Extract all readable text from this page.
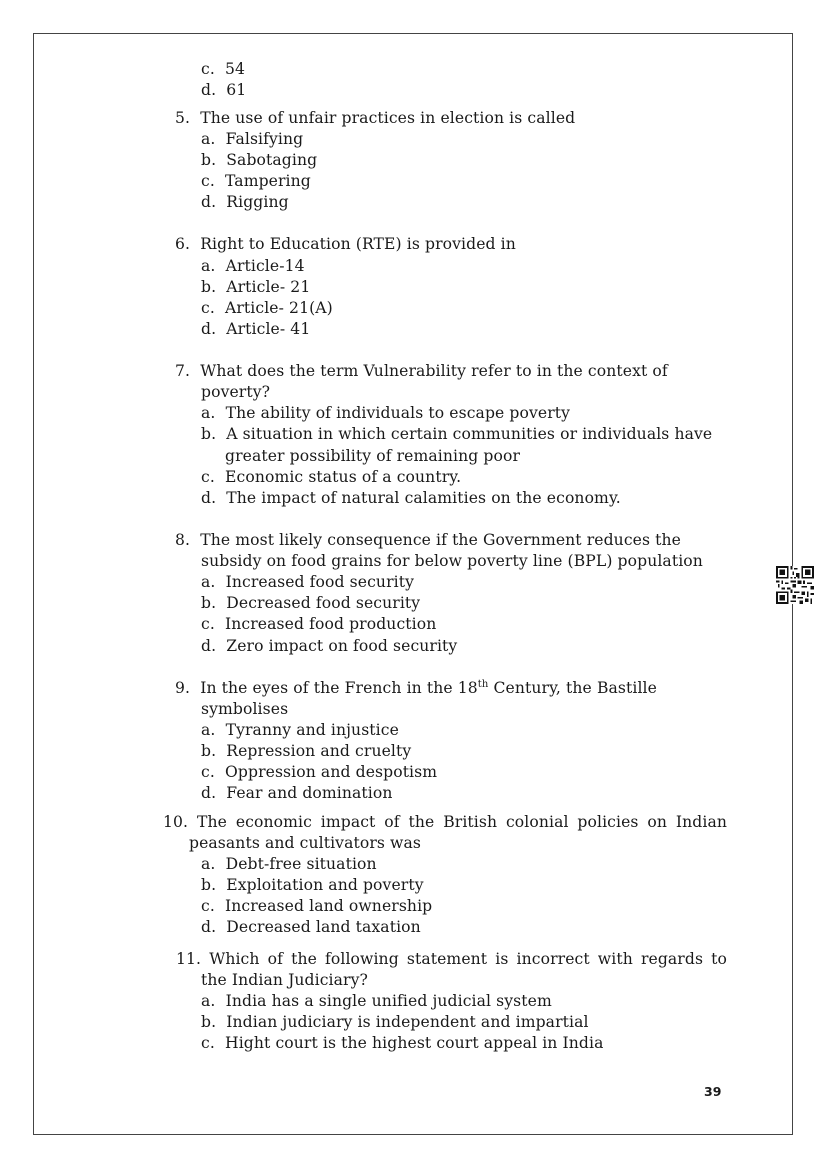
c. 54
d. 61
5. The use of unfair practices in election is called
a. Falsifying
b. Sabotaging
c. Tampering
d. Rigging
6. Right to Education (RTE) is provided in
a. Article-14
b. Article- 21
c. Article- 21(A)
d. Article- 41
7. What does the term Vulnerability refer to in the context of
poverty?
a. The ability of individuals to escape poverty
b. A situation in which certain communities or individuals have
greater possibility of remaining poor
c. Economic status of a country.
d. The impact of natural calamities on the economy.
8. The most likely consequence if the Government reduces the
subsidy on food grains for below poverty line (BPL) population
a. Increased food security
b. Decreased food security
c. Increased food production
d. Zero impact on food security
9. In the eyes of the French in the 18th Century, the Bastille
symbolises
a. Tyranny and injustice
b. Repression and cruelty
c. Oppression and despotism
d. Fear and domination
10. The economic impact of the British colonial policies on Indian
peasants and cultivators was
a. Debt-free situation
b. Exploitation and poverty
c. Increased land ownership
d. Decreased land taxation
11. Which of the following statement is incorrect with regards to
the Indian Judiciary?
a. India has a single unified judicial system
b. Indian judiciary is independent and impartial
c. Hight court is the highest court appeal in India
39
